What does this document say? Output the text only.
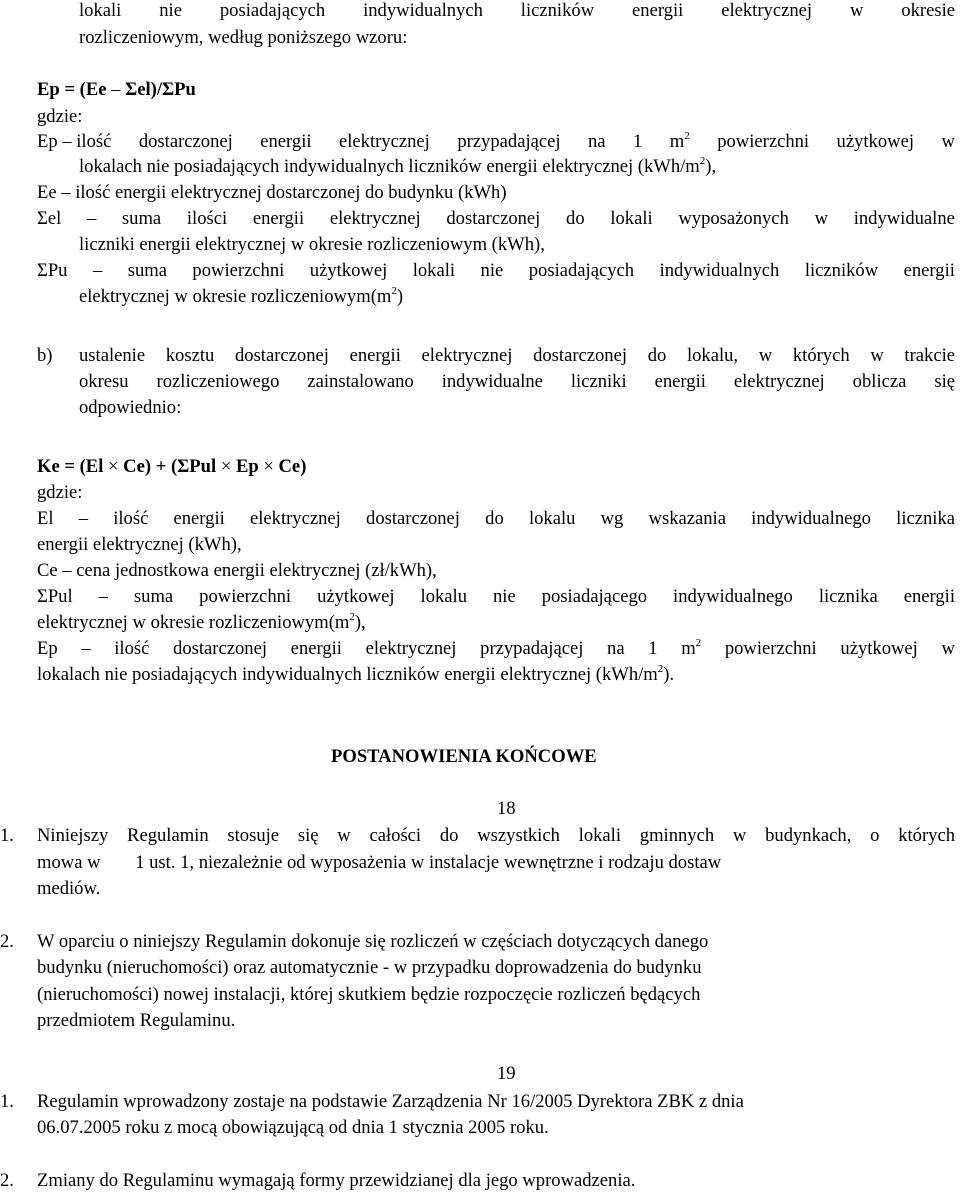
lokali nie posiadających indywidualnych liczników energii elektrycznej w okresie
rozliczeniowym, według poniższego wzoru:
Ep = (Ee – Σel)/ΣPu
gdzie:
Ep – ilość dostarczonej energii elektrycznej przypadającej na 1 $m^2$ powierzchni użytkowej w
lokalach nie posiadających indywidualnych liczników energii elektrycznej $(kWh/m^2)$,
Ee – ilość energii elektrycznej dostarczonej do budynku (kWh)
Σel – suma ilości energii elektrycznej dostarczonej do lokali wyposażonych w indywidualne
liczniki energii elektrycznej w okresie rozliczeniowym (kWh),
ΣPu – suma powierzchni użytkowej lokali nie posiadających indywidualnych liczników energii
elektrycznej w okresie $rozliczeniowym(m^2)$
b) ustalenie kosztu dostarczonej energii elektrycznej dostarczonej do lokalu, w których w trakcie
okresu rozliczeniowego zainstalowano indywidualne liczniki energii elektrycznej oblicza się
odpowiednio:
Ke = (El × Ce) + (ΣPul × Ep × Ce)
gdzie:
El – ilość energii elektrycznej dostarczonej do lokalu wg wskazania indywidualnego licznika
energii elektrycznej (kWh),
Ce – cena jednostkowa energii elektrycznej (zł/kWh),
ΣPul – suma powierzchni użytkowej lokalu nie posiadającego indywidualnego licznika energii
elektrycznej w okresie $rozliczeniowym(m^2)$,
Ep – ilość dostarczonej energii elektrycznej przypadającej na 1 $m^2$ powierzchni użytkowej w
lokalach nie posiadających indywidualnych liczników energii elektrycznej $(kWh/m^2)$.
POSTANOWIENIA KOŃCOWE
§18
1. Niniejszy Regulamin stosuje się w całości do wszystkich lokali gminnych w budynkach, o których
mowa w § 1 ust. 1, niezależnie od wyposażenia w instalacje wewnętrzne i rodzaju dostaw
mediów.
2. W oparciu o niniejszy Regulamin dokonuje się rozliczeń w częściach dotyczących danego
budynku (nieruchomości) oraz automatycznie - w przypadku doprowadzenia do budynku
(nieruchomości) nowej instalacji, której skutkiem będzie rozpoczęcie rozliczeń będących
przedmiotem Regulaminu.
§19
1. Regulamin wprowadzony zostaje na podstawie Zarządzenia Nr 16/2005 Dyrektora ZBK z dnia
06.07.2005 roku z mocą obowiązującą od dnia 1 stycznia 2005 roku.
2. Zmiany do Regulaminu wymagają formy przewidzianej dla jego wprowadzenia.
